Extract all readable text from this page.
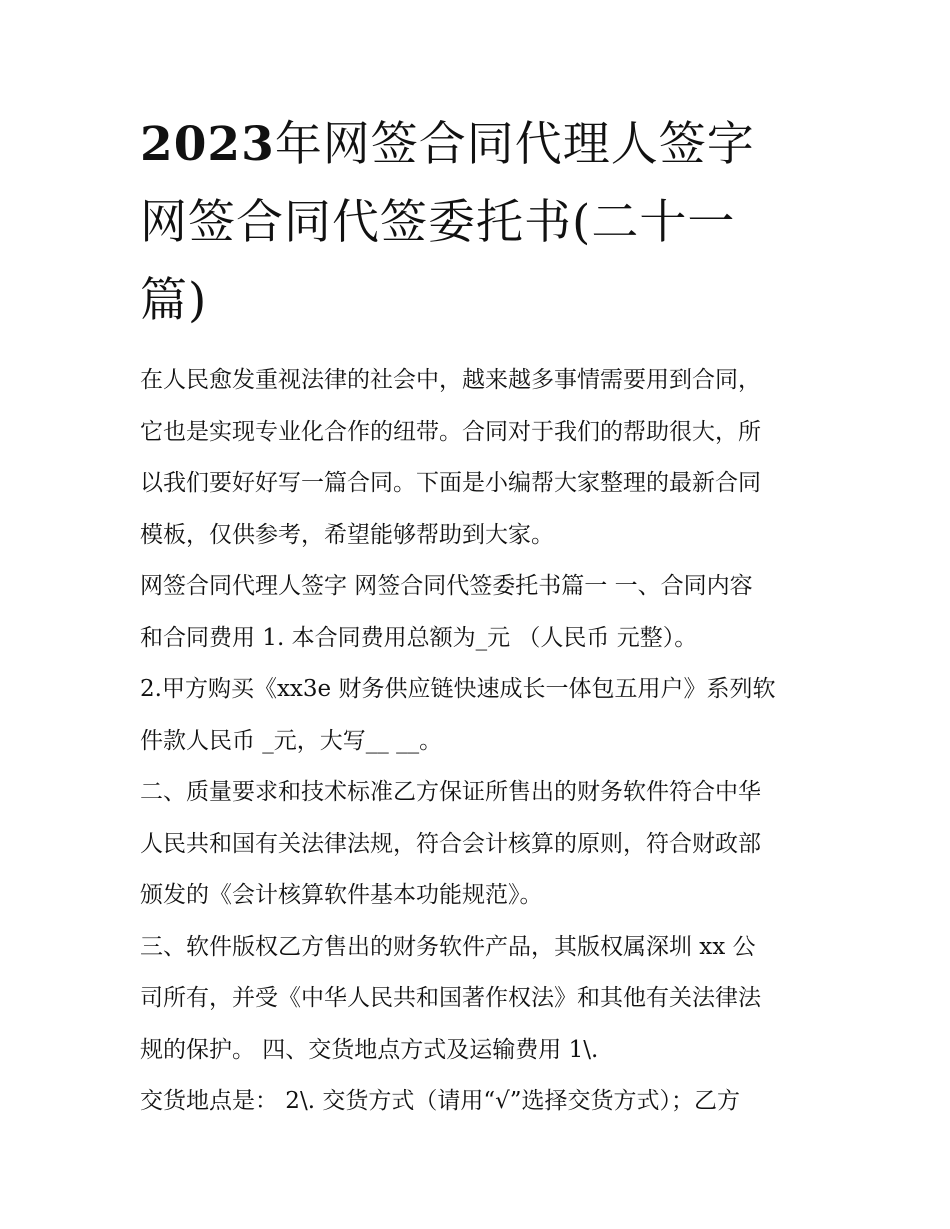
2023年网签合同代理人签字
网签合同代签委托书(二十一
篇)
在人民愈发重视法律的社会中，越来越多事情需要用到合同，
它也是实现专业化合作的纽带。合同对于我们的帮助很大，所
以我们要好好写一篇合同。下面是小编帮大家整理的最新合同
模板，仅供参考，希望能够帮助到大家。
网签合同代理人签字 网签合同代签委托书篇一 一、合同内容
和合同费用 1. 本合同费用总额为_元 （人民币 元整）。
2.甲方购买《xx3e 财务供应链快速成长一体包五用户》系列软
件款人民币 _元，大写__ __。
二、质量要求和技术标准乙方保证所售出的财务软件符合中华
人民共和国有关法律法规，符合会计核算的原则，符合财政部
颁发的《会计核算软件基本功能规范》。
三、软件版权乙方售出的财务软件产品，其版权属深圳 xx 公
司所有，并受《中华人民共和国著作权法》和其他有关法律法
规的保护。 四、交货地点方式及运输费用 1\.
交货地点是： 2\. 交货方式（请用“√”选择交货方式）；乙方
